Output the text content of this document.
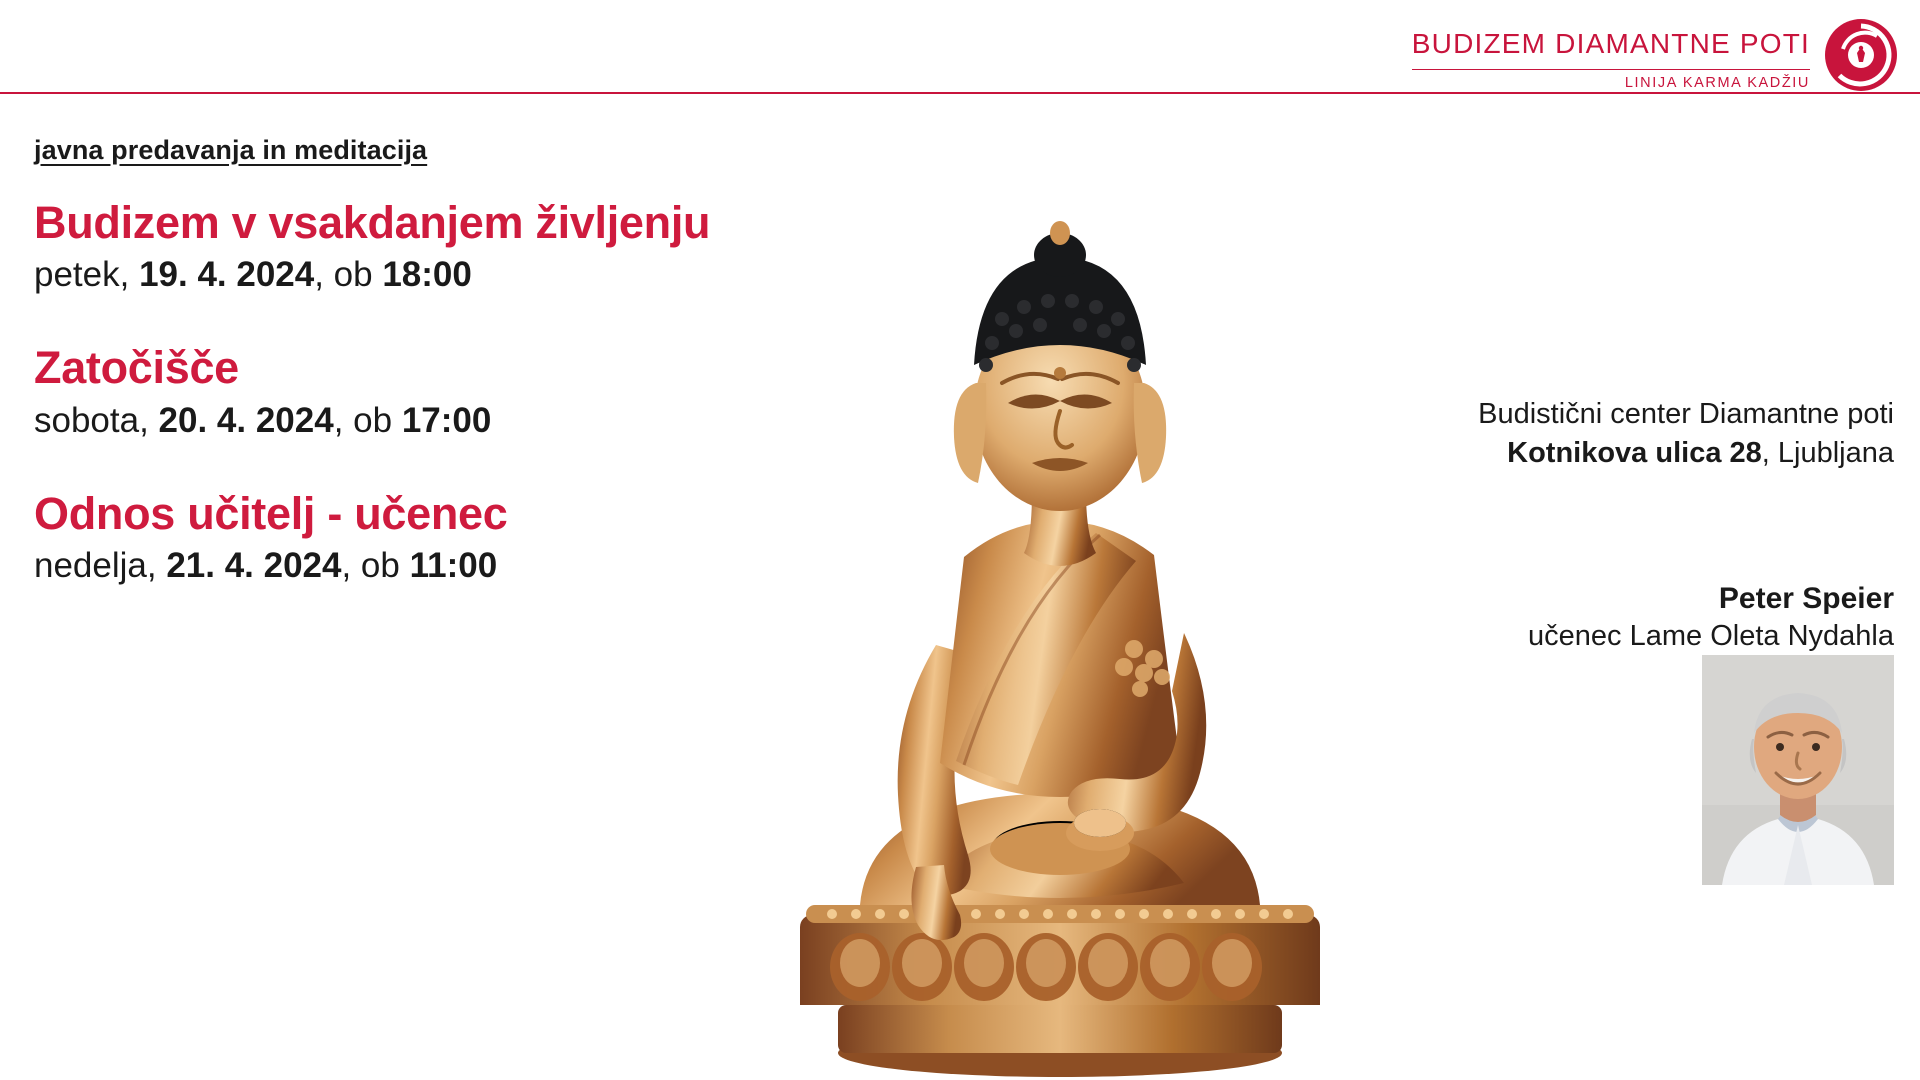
BUDIZEM DIAMANTNE POTI
LINIJA KARMA KADŽIU
javna predavanja in meditacija
Budizem v vsakdanjem življenju
petek, 19. 4. 2024, ob 18:00
Zatočišče
sobota, 20. 4. 2024, ob 17:00
Odnos učitelj - učenec
nedelja, 21. 4. 2024, ob 11:00
Budistični center Diamantne poti
Kotnikova ulica 28, Ljubljana
Peter Speier
učenec Lame Oleta Nydahla
